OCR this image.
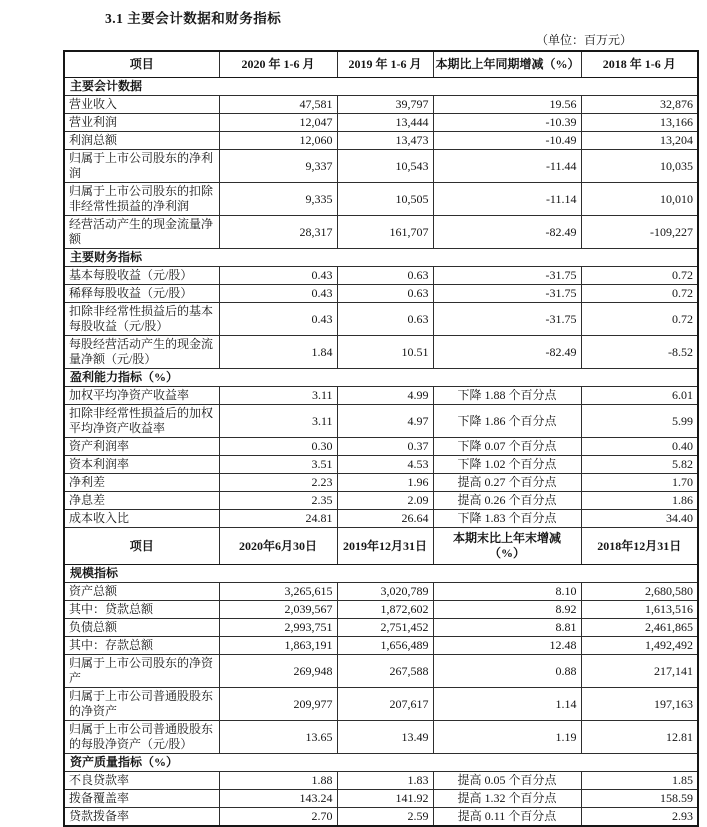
3.1 主要会计数据和财务指标
（单位：百万元）
项目	2020 年 1-6 月	2019 年 1-6 月	本期比上年同期增减（%）	2018 年 1-6 月
主要会计数据				
营业收入	47,581	39,797	19.56	32,876
营业利润	12,047	13,444	-10.39	13,166
利润总额	12,060	13,473	-10.49	13,204
归属于上市公司股东的净利润	9,337	10,543	-11.44	10,035
归属于上市公司股东的扣除非经常性损益的净利润	9,335	10,505	-11.14	10,010
经营活动产生的现金流量净额	28,317	161,707	-82.49	-109,227
主要财务指标				
基本每股收益（元/股）	0.43	0.63	-31.75	0.72
稀释每股收益（元/股）	0.43	0.63	-31.75	0.72
扣除非经常性损益后的基本每股收益（元/股）	0.43	0.63	-31.75	0.72
每股经营活动产生的现金流量净额（元/股）	1.84	10.51	-82.49	-8.52
盈利能力指标（%）				
加权平均净资产收益率	3.11	4.99	下降 1.88 个百分点	6.01
扣除非经常性损益后的加权平均净资产收益率	3.11	4.97	下降 1.86 个百分点	5.99
资产利润率	0.30	0.37	下降 0.07 个百分点	0.40
资本利润率	3.51	4.53	下降 1.02 个百分点	5.82
净利差	2.23	1.96	提高 0.27 个百分点	1.70
净息差	2.35	2.09	提高 0.26 个百分点	1.86
成本收入比	24.81	26.64	下降 1.83 个百分点	34.40
项目	2020年6月30日	2019年12月31日	本期末比上年末增减（%）	2018年12月31日
规模指标				
资产总额	3,265,615	3,020,789	8.10	2,680,580
其中：贷款总额	2,039,567	1,872,602	8.92	1,613,516
负债总额	2,993,751	2,751,452	8.81	2,461,865
其中：存款总额	1,863,191	1,656,489	12.48	1,492,492
归属于上市公司股东的净资产	269,948	267,588	0.88	217,141
归属于上市公司普通股股东的净资产	209,977	207,617	1.14	197,163
归属于上市公司普通股股东的每股净资产（元/股）	13.65	13.49	1.19	12.81
资产质量指标（%）				
不良贷款率	1.88	1.83	提高 0.05 个百分点	1.85
拨备覆盖率	143.24	141.92	提高 1.32 个百分点	158.59
贷款拨备率	2.70	2.59	提高 0.11 个百分点	2.93
